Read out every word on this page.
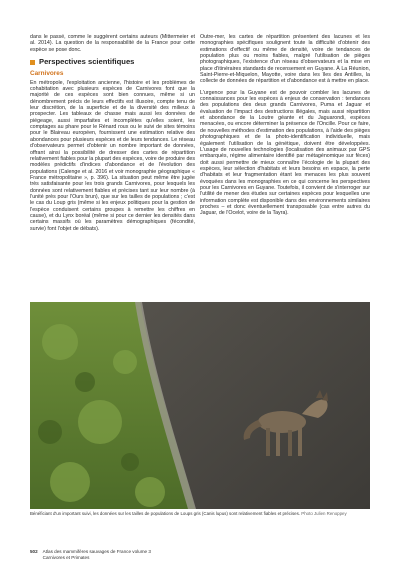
dans le passé, comme le suggèrent certains auteurs (Mittermeier et al. 2014). La question de la responsabilité de la France pour cette espèce se pose donc.

Perspectives scientifiques
Carnivores

En métropole, l'exploitation ancienne, l'histoire et les problèmes de cohabitation avec plusieurs espèces de Carnivores font que la majorité de ces espèces sont bien connues, même si un dénombrement précis de leurs effectifs est illusoire, compte tenu de leur discrétion, de la superficie et de la diversité des milieux à prospecter. Les tableaux de chasse mais aussi les données de piégeage, aussi imparfaites et incomplètes qu'elles soient, les comptages au phare pour le Rénard roux ou le suivi de sites témoins pour le Blaireau européen, fournissent une estimation relative des abondances pour plusieurs espèces et de leurs tendances. Le réseau d'observateurs permet d'obtenir un nombre important de données, offrant ainsi la possibilité de dresser des cartes de répartition relativement fiables pour la plupart des espèces, voire de produire des modèles prédictifs d'indices d'abondance et de l'évolution des populations (Calenge et al. 2016 et voir monographie géographique « France métropolitaine », p. 396). La situation peut même être jugée très satisfaisante pour les trois grands Carnivores, pour lesquels les données sont relativement fiables et précises tant sur leur nombre (à l'unité près pour l'Ours brun), que sur les tailles de populations ; c'est le cas du Loup gris (même si les enjeux politiques pour la gestion de l'espèce conduisent certains groupes à remettre les chiffres en cause), et du Lynx boréal (même si pour ce dernier les densités dans certains massifs où les paramètres démographiques (fécondité, survie) font l'objet de débats).

Outre-mer, les cartes de répartition présentent des lacunes et les monographies spécifiques soulignent toute la difficulté d'obtenir des estimations d'effectif ou même de densité, voire de tendances de population plus ou moins fiables, malgré l'utilisation de pièges photographiques, l'existence d'un réseau d'observateurs et la mise en place d'itinéraires standards de recensement en Guyane. À La Réunion, Saint-Pierre-et-Miquelon, Mayotte, voire dans les îles des Antilles, la collecte de données de répartition et d'abondance est à mettre en place.

L'urgence pour la Guyane est de pouvoir combler les lacunes de connaissances pour les espèces à enjeux de conservation : tendances des populations des deux grands Carnivores, Puma et Jaguar et évaluation de l'impact des destructions illégales, mais aussi répartition et abondance de la Loutre géante et du Jaguarondi, espèces menacées, ou encore déterminer la présence de l'Oncille. Pour ce faire, de nouvelles méthodes d'estimation des populations, à l'aide des pièges photographiques et de la photo-identification individuelle, mais également l'utilisation de la génétique, doivent être développées. L'usage de nouvelles technologies (localisation des animaux par GPS embarqués, régime alimentaire identifié par métagénomique sur fèces) doit aussi permettre de mieux connaître l'écologie de la plupart des espèces, leur sélection d'habitats et leurs besoins en espace, la perte d'habitats et leur fragmentation étant les menaces les plus souvent évoquées dans les monographies en ce qui concerne les perspectives pour les Carnivores en Guyane. Toutefois, il convient de s'interroger sur l'utilité de mener des études sur certaines espèces pour lesquelles une information complète est disponible dans des environnements similaires proches – et donc éventuellement transposable (cas entre autres du Jaguar, de l'Ocelot, voire de la Tayra).

Bénéficiant d'un important suivi, les données sur les tailles de populations de Loups gris (Canis lupus) sont relativement fiables et précises. Photo Julien Renoppey
502 Atlas des mammifères sauvages de France volume 3
Carnivores et Primates
